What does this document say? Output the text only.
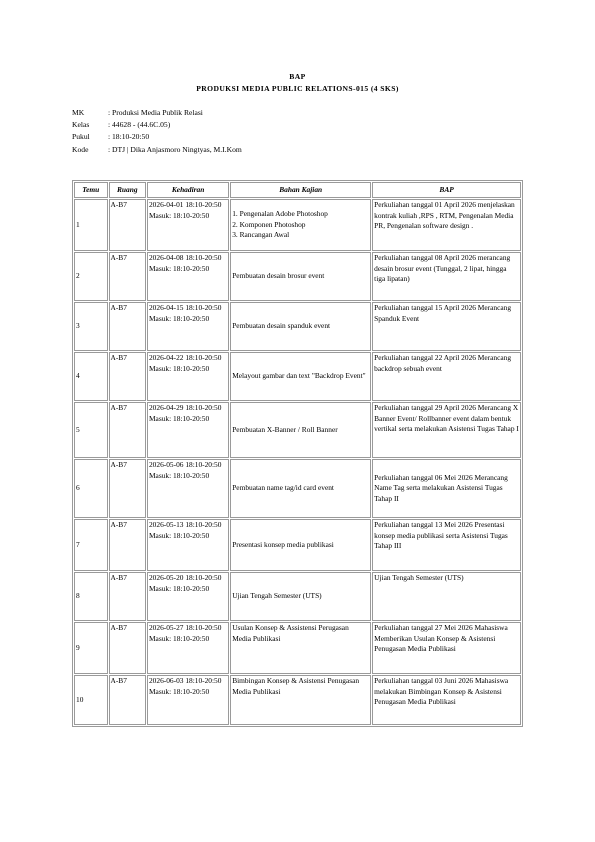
BAP
PRODUKSI MEDIA PUBLIC RELATIONS-015 (4 SKS)
MK	: Produksi Media Publik Relasi
Kelas	: 44628 - (44.6C.05)
Pukul	: 18:10-20:50
Kode	: DTJ | Dika Anjasmoro Ningtyas, M.I.Kom
Temu	Ruang	Kehadiran	Bahan Kajian	BAP
1	A-B7	2026-04-01 18:10-20:50 Masuk: 18:10-20:50	1. Pengenalan Adobe Photoshop
2. Komponen Photoshop
3. Rancangan Awal	Perkuliahan tanggal 01 April 2026 menjelaskan kontrak kuliah ,RPS , RTM, Pengenalan Media PR, Pengenalan software design .
2	A-B7	2026-04-08 18:10-20:50 Masuk: 18:10-20:50	Pembuatan desain brosur event	Perkuliahan tanggal 08 April 2026 merancang desain brosur event (Tunggal, 2 lipat, hingga tiga lipatan)
3	A-B7	2026-04-15 18:10-20:50 Masuk: 18:10-20:50	Pembuatan desain spanduk event	Perkuliahan tanggal 15 April 2026 Merancang Spanduk Event
4	A-B7	2026-04-22 18:10-20:50 Masuk: 18:10-20:50	Melayout gambar dan text "Backdrop Event"	Perkuliahan tanggal 22 April 2026 Merancang backdrop sebuah event
5	A-B7	2026-04-29 18:10-20:50 Masuk: 18:10-20:50	Pembuatan X-Banner / Roll Banner	Perkuliahan tanggal 29 April 2026 Merancang X Banner Event/ Rollbanner event dalam bentuk vertikal serta melakukan Asistensi Tugas Tahap I
6	A-B7	2026-05-06 18:10-20:50 Masuk: 18:10-20:50	Pembuatan name tag/id card event	Perkuliahan tanggal 06 Mei 2026 Merancang Name Tag serta melakukan Asistensi Tugas Tahap II
7	A-B7	2026-05-13 18:10-20:50 Masuk: 18:10-20:50	Presentasi konsep media publikasi	Perkuliahan tanggal 13 Mei 2026 Presentasi konsep media publikasi serta Asistensi Tugas Tahap III
8	A-B7	2026-05-20 18:10-20:50 Masuk: 18:10-20:50	Ujian Tengah Semester (UTS)	Ujian Tengah Semester (UTS)
9	A-B7	2026-05-27 18:10-20:50 Masuk: 18:10-20:50	Usulan Konsep & Assistensi Perugasan Media Publikasi	Perkuliahan tanggal 27 Mei 2026 Mahasiswa Memberikan Usulan Konsep & Asistensi Penugasan Media Publikasi
10	A-B7	2026-06-03 18:10-20:50 Masuk: 18:10-20:50	Bimbingan Konsep & Asistensi Penugasan Media Publikasi	Perkuliahan tanggal 03 Juni 2026 Mahasiswa melakukan Bimbingan Konsep & Asistensi Penugasan Media Publikasi
